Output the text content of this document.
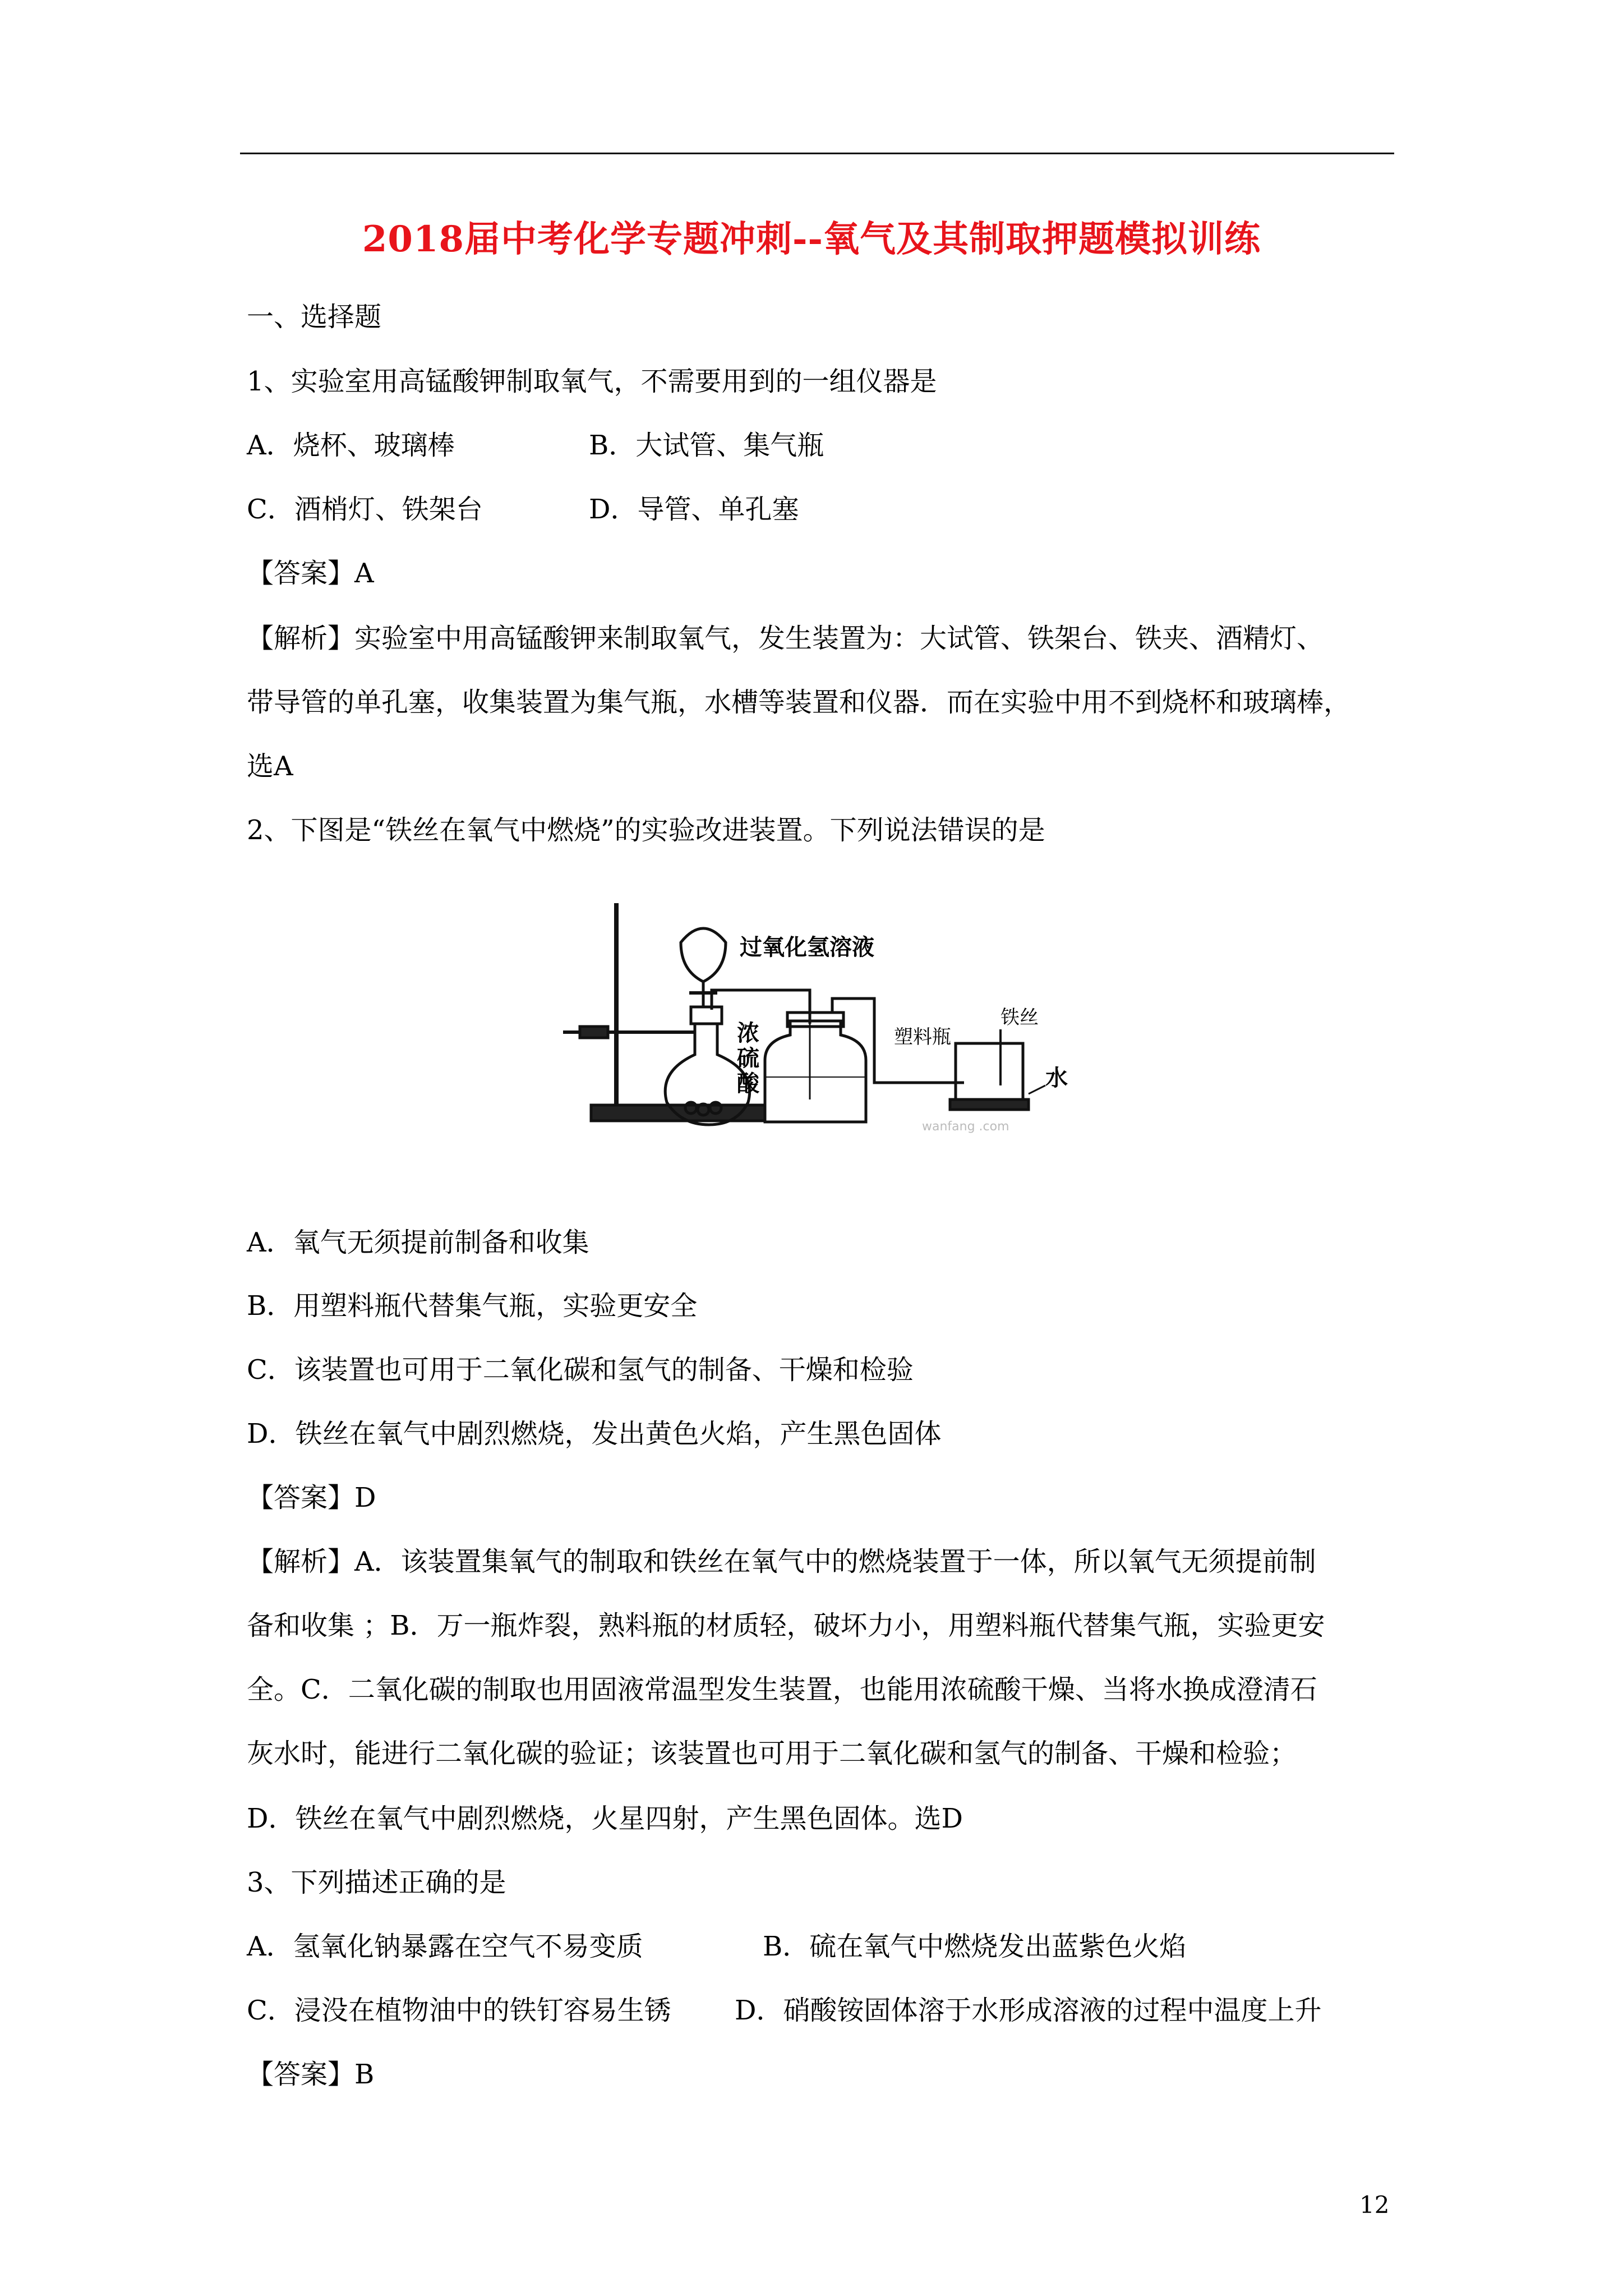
2018届中考化学专题冲刺--氧气及其制取押题模拟训练
一、选择题
1、实验室用高锰酸钾制取氧气，不需要用到的一组仪器是
A．烧杯、玻璃棒	B．大试管、集气瓶
C．酒梢灯、铁架台	D．导管、单孔塞
【答案】A
【解析】实验室中用高锰酸钾来制取氧气，发生装置为：大试管、铁架台、铁夹、酒精灯、
带导管的单孔塞，收集装置为集气瓶，水槽等装置和仪器．而在实验中用不到烧杯和玻璃棒，
选A
2、下图是“铁丝在氧气中燃烧”的实验改进装置。下列说法错误的是
过氧化氢溶液
浓
硫
酸
塑料瓶
铁丝
水
wanfang .com
A．氧气无须提前制备和收集
B．用塑料瓶代替集气瓶，实验更安全
C．该装置也可用于二氧化碳和氢气的制备、干燥和检验
D．铁丝在氧气中剧烈燃烧，发出黄色火焰，产生黑色固体
【答案】D
【解析】A．该装置集氧气的制取和铁丝在氧气中的燃烧装置于一体，所以氧气无须提前制
备和收集 ；B．万一瓶炸裂，熟料瓶的材质轻，破坏力小，用塑料瓶代替集气瓶，实验更安
全。C．二氧化碳的制取也用固液常温型发生装置，也能用浓硫酸干燥、当将水换成澄清石
灰水时，能进行二氧化碳的验证；该装置也可用于二氧化碳和氢气的制备、干燥和检验；
D．铁丝在氧气中剧烈燃烧，火星四射，产生黑色固体。选D
3、下列描述正确的是
A．氢氧化钠暴露在空气不易变质	B．硫在氧气中燃烧发出蓝紫色火焰
C．浸没在植物油中的铁钉容易生锈 D．硝酸铵固体溶于水形成溶液的过程中温度上升
【答案】B
12
